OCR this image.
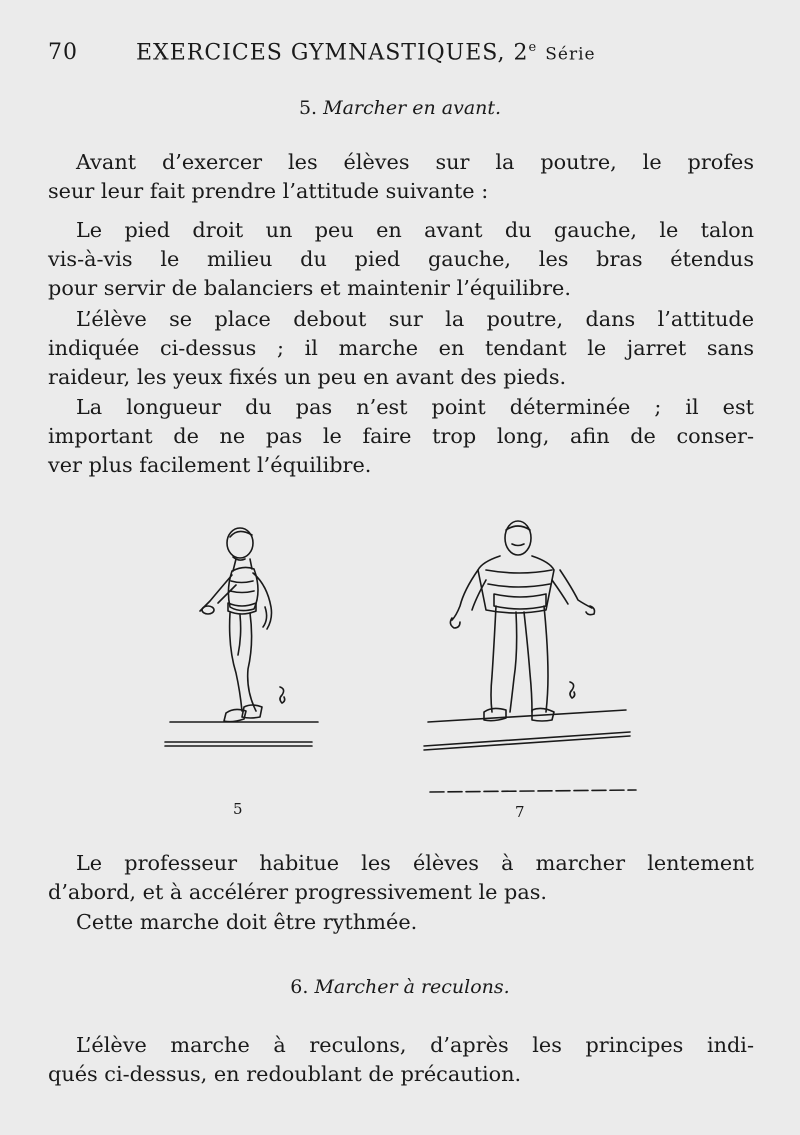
70	EXERCICES GYMNASTIQUES, 2e Série
5. Marcher en avant.
Avant d’exercer les élèves sur la poutre, le profes
seur leur fait prendre l’attitude suivante :
Le pied droit un peu en avant du gauche, le talon
vis-à-vis le milieu du pied gauche, les bras étendus
pour servir de balanciers et maintenir l’équilibre.
L’élève se place debout sur la poutre, dans l’attitude
indiquée ci-dessus ; il marche en tendant le jarret sans
raideur, les yeux fixés un peu en avant des pieds.
La longueur du pas n’est point déterminée ; il est
important de ne pas le faire trop long, afin de conser-
ver plus facilement l’équilibre.
5	7
Le professeur habitue les élèves à marcher lentement
d’abord, et à accélérer progressivement le pas.
Cette marche doit être rythmée.
6. Marcher à reculons.
L’élève marche à reculons, d’après les principes indi-
qués ci-dessus, en redoublant de précaution.
